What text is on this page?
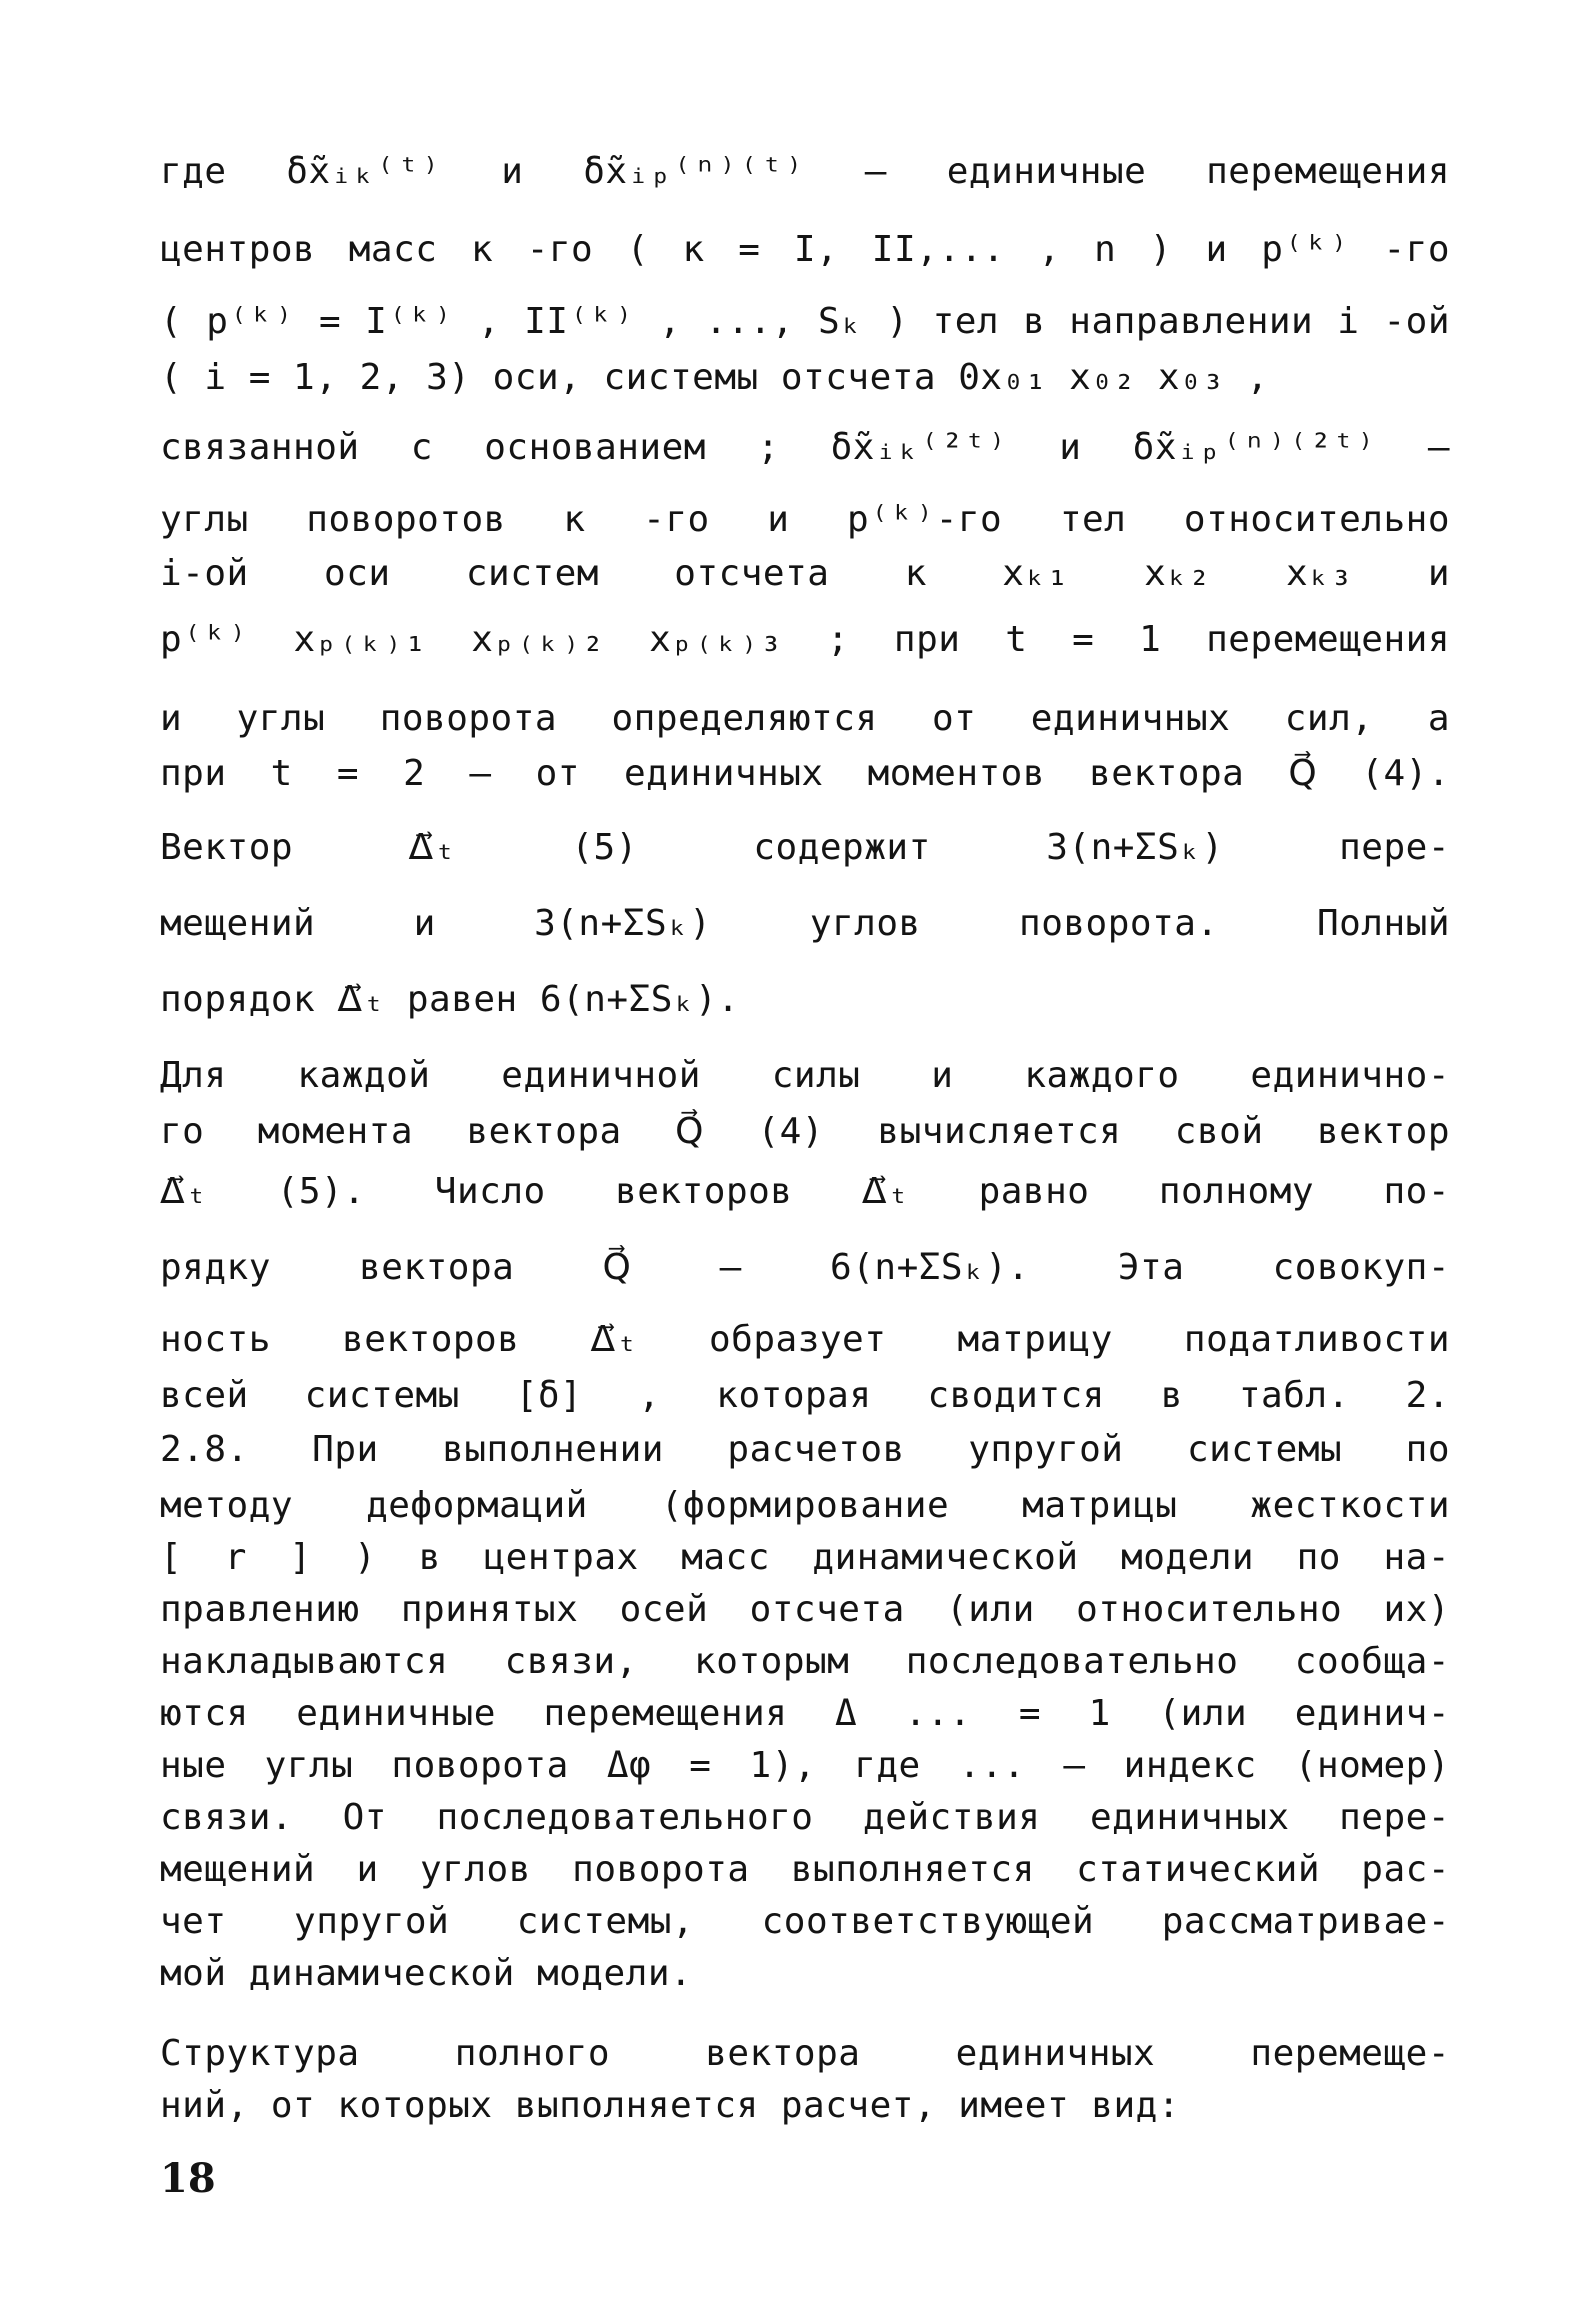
где δx̃ᵢₖ⁽ᵗ⁾ и δx̃ᵢₚ⁽ⁿ⁾⁽ᵗ⁾ – единичные перемещения
центров масс к -го ( к = I, II,... , n ) и p⁽ᵏ⁾ -го
( p⁽ᵏ⁾ = I⁽ᵏ⁾ , II⁽ᵏ⁾ , ..., Sₖ ) тел в направлении i -ой
( i = 1, 2, 3) оси, системы отсчета 0x₀₁ x₀₂ x₀₃ ,
связанной с основанием ; δx̃ᵢₖ⁽²ᵗ⁾ и δx̃ᵢₚ⁽ⁿ⁾⁽²ᵗ⁾ –
углы поворотов к -го и p⁽ᵏ⁾-го тел относительно
i-ой оси систем отсчета к xₖ₁ xₖ₂ xₖ₃ и
p⁽ᵏ⁾ xₚ₍ₖ₎₁ xₚ₍ₖ₎₂ xₚ₍ₖ₎₃ ; при t = 1 перемещения
и углы поворота определяются от единичных сил, а
при t = 2 – от единичных моментов вектора Q⃗ (4).
Вектор Δ⃗ₜ (5) содержит 3(n+ΣSₖ) пере-
мещений и 3(n+ΣSₖ) углов поворота. Полный
порядок Δ⃗ₜ равен 6(n+ΣSₖ).
Для каждой единичной силы и каждого единично-
го момента вектора Q⃗ (4) вычисляется свой вектор
Δ⃗ₜ (5). Число векторов Δ⃗ₜ равно полному по-
рядку вектора Q⃗ – 6(n+ΣSₖ). Эта совокуп-
ность векторов Δ⃗ₜ образует матрицу податливости
всей системы [δ] , которая сводится в табл. 2.
2.8. При выполнении расчетов упругой системы по
методу деформаций (формирование матрицы жесткости
[ r ] ) в центрах масс динамической модели по на-
правлению принятых осей отсчета (или относительно их)
накладываются связи, которым последовательно сообща-
ются единичные перемещения Δ ... = 1 (или единич-
ные углы поворота Δφ = 1), где ... – индекс (номер)
связи. От последовательного действия единичных пере-
мещений и углов поворота выполняется статический рас-
чет упругой системы, соответствующей рассматривае-
мой динамической модели.
Структура полного вектора единичных перемеще-
ний, от которых выполняется расчет, имеет вид:
18
